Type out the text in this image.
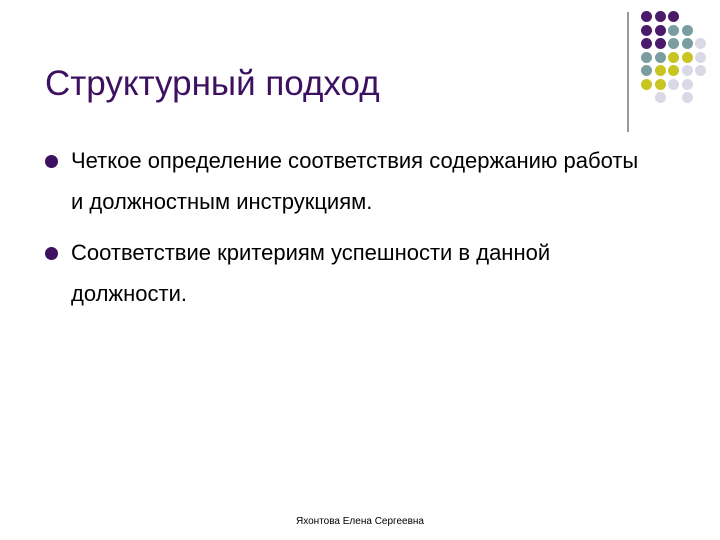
Структурный подход
Четкое определение соответствия содержанию работы и должностным инструкциям.
Соответствие критериям успешности в данной должности.
Яхонтова Елена Сергеевна
